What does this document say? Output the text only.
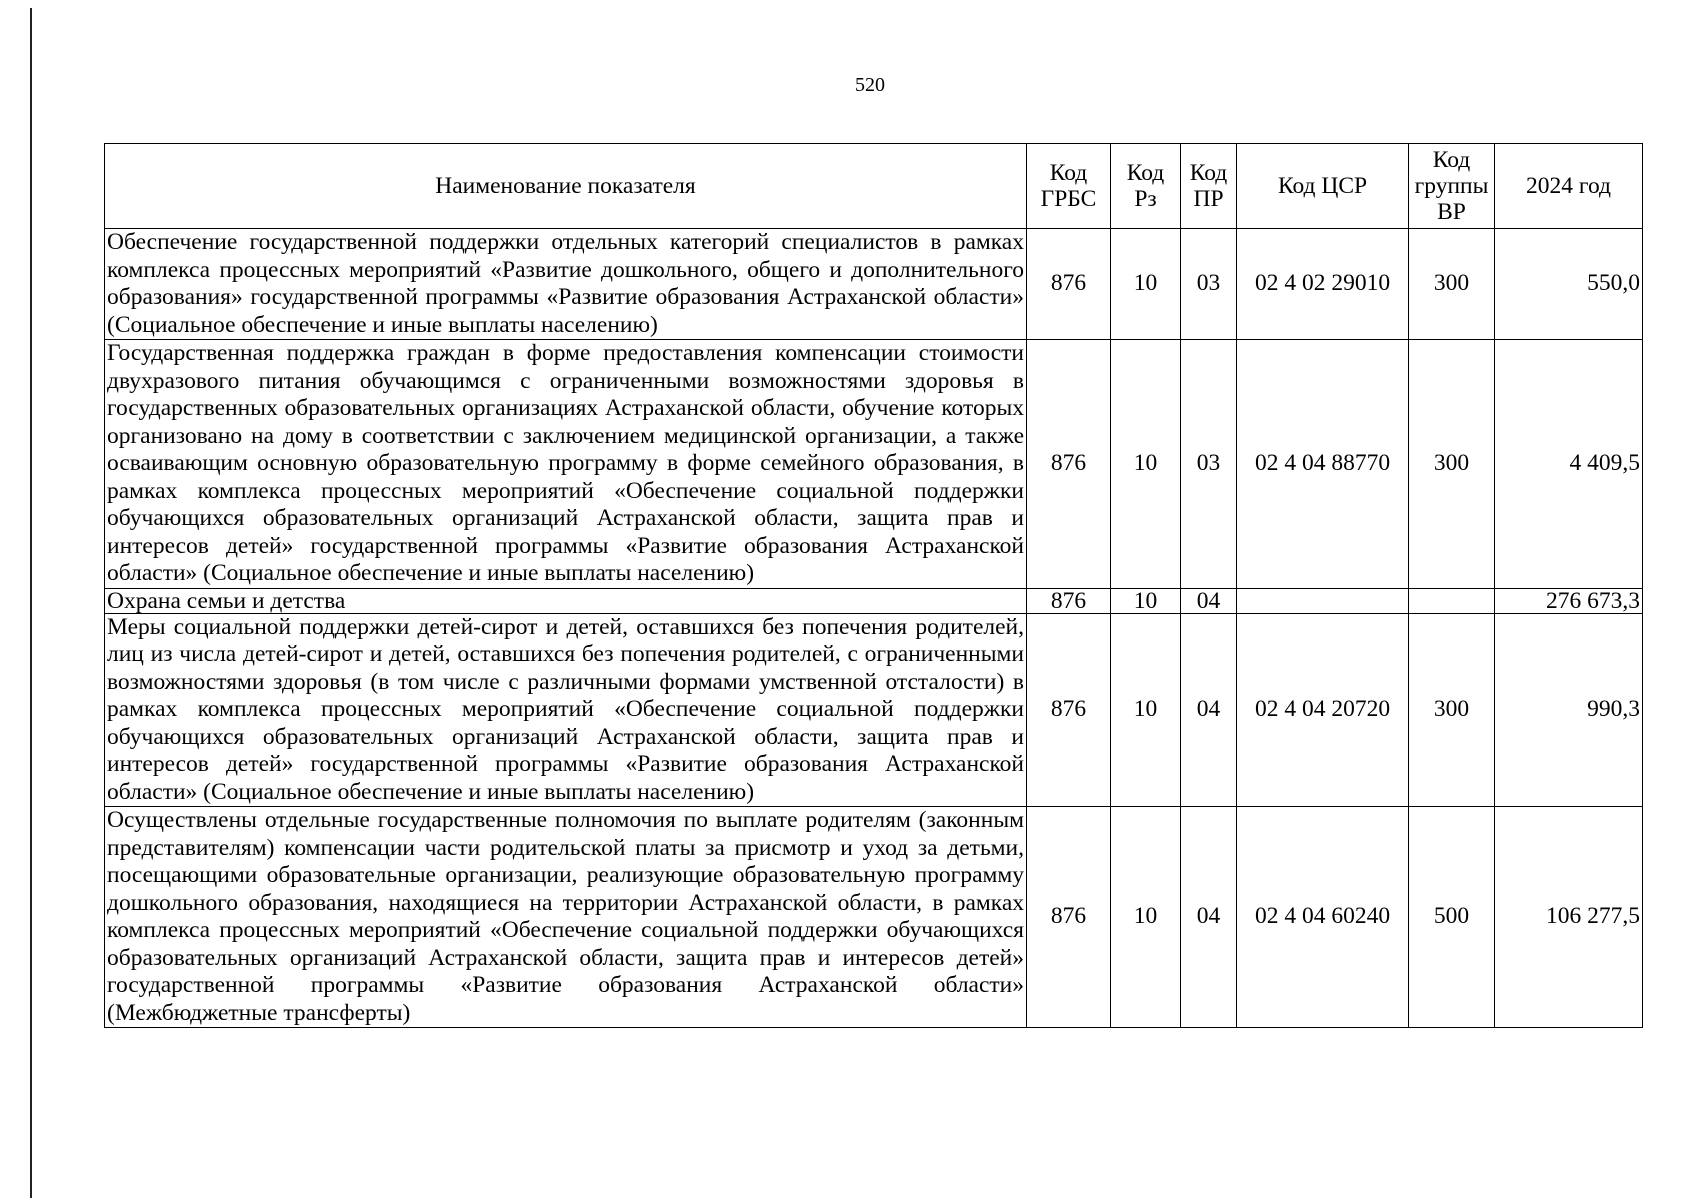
520
Наименование показателя	Код ГРБС	Код Рз	Код ПР	Код ЦСР	Код группы ВР	2024 год
Обеспечение государственной поддержки отдельных категорий специалистов в рамках комплекса процессных мероприятий «Развитие дошкольного, общего и дополнительного образования» государственной программы «Развитие образования Астраханской области» (Социальное обеспечение и иные выплаты населению)	876	10	03	02 4 02 29010	300	550,0
Государственная поддержка граждан в форме предоставления компенсации стоимости двухразового питания обучающимся с ограниченными возможностями здоровья в государственных образовательных организациях Астраханской области, обучение которых организовано на дому в соответствии с заключением медицинской организации, а также осваивающим основную образовательную программу в форме семейного образования, в рамках комплекса процессных мероприятий «Обеспечение социальной поддержки обучающихся образовательных организаций Астраханской области, защита прав и интересов детей» государственной программы «Развитие образования Астраханской области» (Социальное обеспечение и иные выплаты населению)	876	10	03	02 4 04 88770	300	4 409,5
Охрана семьи и детства	876	10	04			276 673,3
Меры социальной поддержки детей-сирот и детей, оставшихся без попечения родителей, лиц из числа детей-сирот и детей, оставшихся без попечения родителей, с ограниченными возможностями здоровья (в том числе с различными формами умственной отсталости) в рамках комплекса процессных мероприятий «Обеспечение социальной поддержки обучающихся образовательных организаций Астраханской области, защита прав и интересов детей» государственной программы «Развитие образования Астраханской области» (Социальное обеспечение и иные выплаты населению)	876	10	04	02 4 04 20720	300	990,3
Осуществлены отдельные государственные полномочия по выплате родителям (законным представителям) компенсации части родительской платы за присмотр и уход за детьми, посещающими образовательные организации, реализующие образовательную программу дошкольного образования, находящиеся на территории Астраханской области, в рамках комплекса процессных мероприятий «Обеспечение социальной поддержки обучающихся образовательных организаций Астраханской области, защита прав и интересов детей» государственной программы «Развитие образования Астраханской области» (Межбюджетные трансферты)	876	10	04	02 4 04 60240	500	106 277,5
